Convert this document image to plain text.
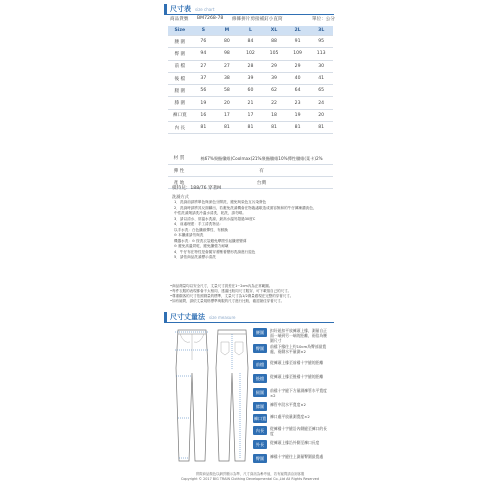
尺寸表 size chart
商品貨號 BM7268-78 修飾拼片剪接補釘小直筒	單位：公分
Size	S	M	L	XL	2L	3L
腰 圍	76	80	84	88	91	95
臀 圍	94	98	102	105	109	113
前 檔	27	27	28	29	29	30
後 檔	37	38	39	39	40	41
腿 圍	56	58	60	62	64	65
膝 圍	19	20	21	22	23	24
褲口寬	16	17	17	18	19	20
內 長	81	81	81	81	81	81
材 質	棉67%聚酯纖維(Coolmax)21%聚酯纖維10%彈性纖維(萊卡)2%
彈 性	有
產 地	台灣
模特兒：188/76 穿著M
洗滌方式
1．洗滌前請將單色與深色分開洗，避免與染色互污染發色
2．洗滌時請將其反面翻出，若避免洗滌機會在物臨處歇造成面容無和的牛仔褲漸濃淡色，
中性洗滌劑請洗冷溫水清洗，乾洗，請勿晴。
3．請以清水、常溫水洗滌，最高水溫勿超過30度C
4．前處理建：手工清洗物品：
以手水洗：白色纖維彈性、布鮮換
⊙ 本纖維請勿與洗
機器水洗：⊙ 按洗衣袋避免摩擦引起纖度變薄
⊙ 避免高溫烘乾，避免纖強力耐壞
4．牛仔布在特性是會隨穿著壓著變形洗滌進行退色
5．請依商品洗滌標示清洗
•商品測量均以安全尺寸，丈量尺寸誤差在1~2cm內為正常範圍。
•每件衣服的表現都會不太相同，建議比較同尺寸服穿，可下載領自己的尺寸。
•尊重顧客的尺寸依照測量的標準，丈量尺寸為1/2測量跟現在完整的穿著尺寸。
•如有疑問，請依丈量規格標準與服的尺寸進行比較，確認最佳穿著尺寸。
尺寸丈量法 size measure
腰圍	扣好鈕扣平放褲頭上緣，測量自正面一端到另一端的距離，兩倍為腰圍尺寸
臀圍	前襠下緣往上約10cm為臀部最寬處，兩側水平量測×2
前檔	從褲頭上緣至前襠十字縫的距離
後檔	從褲頭上緣至後襠十字縫的距離
腿圍	前襠十字縫下方量測褲管水平寬度×2
膝圍	褲管中段水平寬度×2
褲口寬 褲口處平放量測寬度×2
內長	從褲襠十字縫沿內側縫至褲口的長度
外長	從褲頭上緣沿外側至褲口長度
臀圍	褲襠十字縫往上測量臀圍最寬處
實際商品顏色以網頁顯示為準，尺寸資訊為參考值，若有疑問請洽詢客服
Copyright © 2017 BIG TRAIN Clothing Developmental Co.,Ltd All Rights Reserved
